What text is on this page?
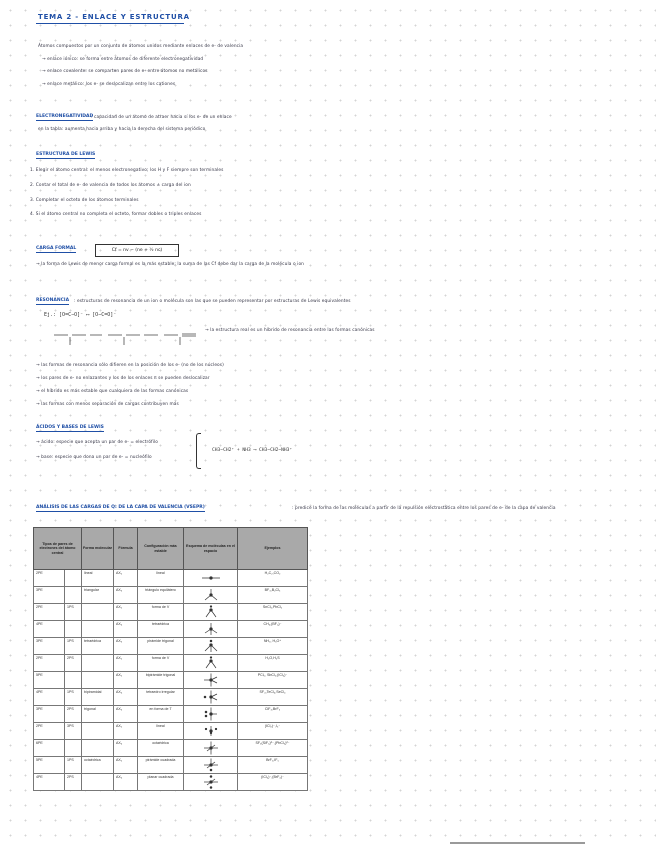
TEMA 2 - ENLACE Y ESTRUCTURA
Átomos compuestos por un conjunto de átomos unidos mediante enlaces de e- de valencia
→ enlace iónico: se forma entre átomos de diferente electronegatividad
→ enlace covalente: se comparten pares de e- entre átomos no metálicos
→ enlace metálico: los e- se deslocalizan entre los cationes
ELECTRONEGATIVIDAD
: capacidad de un átomo de atraer hacia sí los e- de un enlace
en la tabla: aumenta hacia arriba y hacia la derecha del sistema periódico
ESTRUCTURA DE LEWIS
1. Elegir el átomo central: el menos electronegativo; los H y F siempre son terminales
2. Contar el total de e- de valencia de todos los átomos ± carga del ion
3. Completar el octeto de los átomos terminales
4. Si el átomo central no completa el octeto, formar dobles o triples enlaces
CARGA FORMAL	Cf = nv − (ne + ½ nc)
→ la forma de Lewis de menor carga formal es la más estable; la suma de las Cf debe dar la carga de la molécula o ion
RESONANCIA : estructuras de resonancia de un ion o molécula son las que se pueden representar por estructuras de Lewis equivalentes
Ej.: [O=C−O]⁻ ⟷ [O−C=O]⁻
→ la estructura real es un híbrido de resonancia entre las formas canónicas
→ las formas de resonancia sólo difieren en la posición de los e- (no de los núcleos)
→ los pares de e- no enlazantes y los de los enlaces π se pueden deslocalizar
→ el híbrido es más estable que cualquiera de las formas canónicas
→ las formas con menos separación de cargas contribuyen más
ÁCIDOS Y BASES DE LEWIS
→ ácido: especie que acepta un par de e- = electrófilo
→ base: especie que dona un par de e- = nucleófilo
CH3−CH2⁺ + NH3 ⟶ CH3−CH2−NH3⁺
ANÁLISIS DE LAS CARGAS DE Q: DE LA CAPA DE VALENCIA (VSEPR)	: predice la forma de las moléculas a partir de la repulsión electrostática entre los pares de e- de la capa de valencia
Tipos de pares de electrones del átomo central		Forma molecular	Fórmula	Configuración más estable	Esquema de moléculas en el espacio	Ejemplos
2PE		lineal	AX₂	lineal		H₂C₂,CO₂
3PE		triangular	AX₃	triángulo equilátero		BF₃,B₂Cl₃
2PE	1PS		AX₂	forma de V		SnCl₂,PbCl₂
4PE			AX₄	tetraédrica		CH₄,(BF₄)⁻
3PE	1PS	tetraédrica	AX₃	pirámide trigonal		NH₃, H₃O⁺
2PE	2PS		AX₂	forma de V		H₂O,H₂S
5PE			AX₅	bipirámide trigonal		PCl₅, SbCl₅,(ICl₄)⁻
4PE	1PS	bipiramidal	AX₄	tetraedro irregular		SF₄,TeCl₄,SeCl₄
3PE	2PS	trigonal	AX₃	en forma de T		ClF₃,BrF₃
2PE	3PS		AX₂	lineal		(ICl₂)⁻,I₃⁻
6PE			AX₆	octaédrica		SF₆(SiF₆)²⁻,(PbCl₆)²⁻
5PE	1PS	octaédrica	AX₅	pirámide cuadrada		BrF₅,IF₅
4PE	2PS		AX₄	planar cuadrada		(ICl₄)⁻,(BrF₄)⁻
